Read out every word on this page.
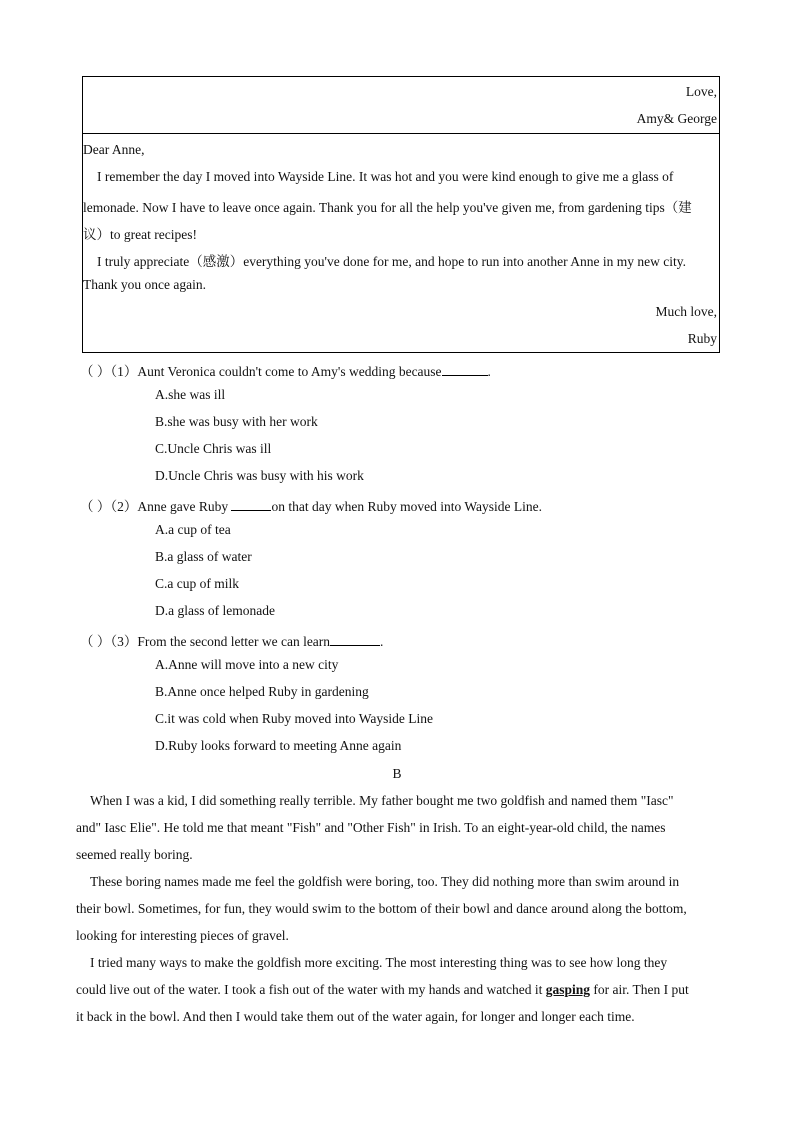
Love,
Amy& George
Dear Anne,
I remember the day I moved into Wayside Line. It was hot and you were kind enough to give me a glass of
lemonade. Now I have to leave once again. Thank you for all the help you've given me, from gardening tips（建
议）to great recipes!
I truly appreciate（感激）everything you've done for me, and hope to run into another Anne in my new city.
Thank you once again.
Much love,
Ruby
（ ）（1）Aunt Veronica couldn't come to Amy's wedding because	.
A.she was ill
B.she was busy with her work
C.Uncle Chris was ill
D.Uncle Chris was busy with his work
（ ）（2）Anne gave Ruby	on that day when Ruby moved into Wayside Line.
A.a cup of tea
B.a glass of water
C.a cup of milk
D.a glass of lemonade
（ ）（3）From the second letter we can learn	.
A.Anne will move into a new city
B.Anne once helped Ruby in gardening
C.it was cold when Ruby moved into Wayside Line
D.Ruby looks forward to meeting Anne again
B
When I was a kid, I did something really terrible. My father bought me two goldfish and named them "Iasc"
and" Iasc Elie". He told me that meant "Fish" and "Other Fish" in Irish. To an eight-year-old child, the names
seemed really boring.
These boring names made me feel the goldfish were boring, too. They did nothing more than swim around in
their bowl. Sometimes, for fun, they would swim to the bottom of their bowl and dance around along the bottom,
looking for interesting pieces of gravel.
I tried many ways to make the goldfish more exciting. The most interesting thing was to see how long they
could live out of the water. I took a fish out of the water with my hands and watched it gasping for air. Then I put
it back in the bowl. And then I would take them out of the water again, for longer and longer each time.
